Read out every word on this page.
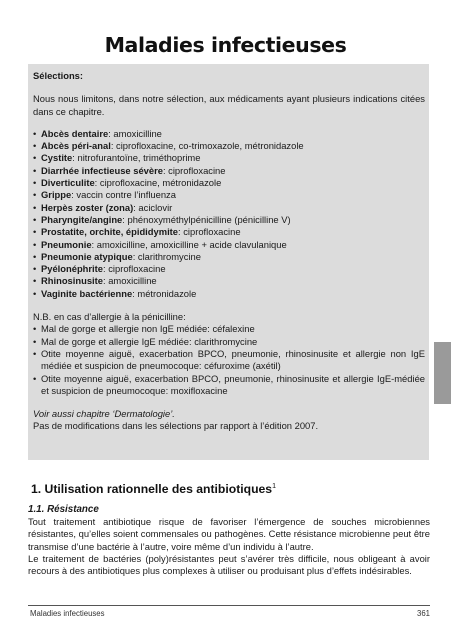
Maladies infectieuses

Sélections:

Nous nous limitons, dans notre sélection, aux médicaments ayant plusieurs indications citées dans ce chapitre.

• Abcès dentaire: amoxicilline
• Abcès péri-anal: ciprofloxacine, co-trimoxazole, métronidazole
• Cystite: nitrofurantoïne, triméthoprime
• Diarrhée infectieuse sévère: ciprofloxacine
• Diverticulite: ciprofloxacine, métronidazole
• Grippe: vaccin contre l’influenza
• Herpès zoster (zona): aciclovir
• Pharyngite/angine: phénoxyméthylpénicilline (pénicilline V)
• Prostatite, orchite, épididymite: ciprofloxacine
• Pneumonie: amoxicilline, amoxicilline + acide clavulanique
• Pneumonie atypique: clarithromycine
• Pyélonéphrite: ciprofloxacine
• Rhinosinusite: amoxicilline
• Vaginite bactérienne: métronidazole

N.B. en cas d’allergie à la pénicilline:

• Mal de gorge et allergie non IgE médiée: céfalexine
• Mal de gorge et allergie IgE médiée: clarithromycine
• Otite moyenne aiguë, exacerbation BPCO, pneumonie, rhinosinusite et allergie non IgE médiée et suspicion de pneumocoque: céfuroxime (axétil)
• Otite moyenne aiguë, exacerbation BPCO, pneumonie, rhinosinusite et allergie IgE-médiée et suspicion de pneumocoque: moxifloxacine

Voir aussi chapitre ‘Dermatologie’.

Pas de modifications dans les sélections par rapport à l’édition 2007.

1. Utilisation rationnelle des antibiotiques$^1$
1.1. Résistance

Tout traitement antibiotique risque de favoriser l’émergence de souches microbiennes résistantes, qu’elles soient commensales ou pathogènes. Cette résistance microbienne peut être transmise d’une bactérie à l’autre, voire même d’un individu à l’autre.

Le traitement de bactéries (poly)résistantes peut s’avérer très difficile, nous obligeant à avoir recours à des antibiotiques plus complexes à utiliser ou produisant plus d’effets indésirables.

Maladies infectieuses	361
